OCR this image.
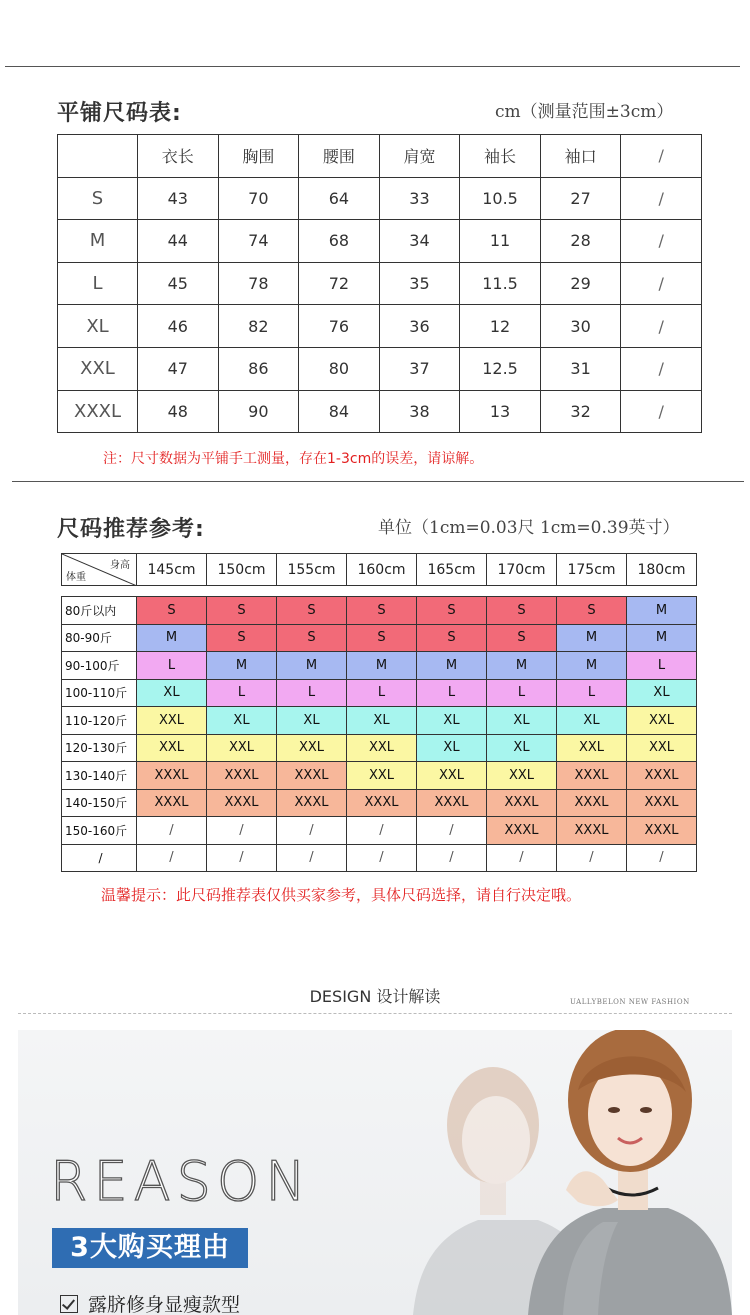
平铺尺码表:	cm（测量范围±3cm）
	衣长	胸围	腰围	肩宽	袖长	袖口	/
S	43	70	64	33	10.5	27	/
M	44	74	68	34	11	28	/
L	45	78	72	35	11.5	29	/
XL	46	82	76	36	12	30	/
XXL	47	86	80	37	12.5	31	/
XXXL	48	90	84	38	13	32	/
注：尺寸数据为平铺手工测量，存在1-3cm的误差，请谅解。
尺码推荐参考:	单位（1cm=0.03尺 1cm=0.39英寸）
身高
体重	145cm	150cm	155cm	160cm	165cm	170cm	175cm	180cm
80斤以内	S	S	S	S	S	S	S	M
80-90斤	M	S	S	S	S	S	M	M
90-100斤	L	M	M	M	M	M	M	L
100-110斤	XL	L	L	L	L	L	L	XL
110-120斤	XXL	XL	XL	XL	XL	XL	XL	XXL
120-130斤	XXL	XXL	XXL	XXL	XL	XL	XXL	XXL
130-140斤	XXXL	XXXL	XXXL	XXL	XXL	XXL	XXXL	XXXL
140-150斤	XXXL	XXXL	XXXL	XXXL	XXXL	XXXL	XXXL	XXXL
150-160斤	/	/	/	/	/	XXXL	XXXL	XXXL
/	/	/	/	/	/	/	/	/
温馨提示：此尺码推荐表仅供买家参考，具体尺码选择，请自行决定哦。
DESIGN 设计解读	UALLYBELON NEW FASHION
REASON
3大购买理由
露脐修身显瘦款型
